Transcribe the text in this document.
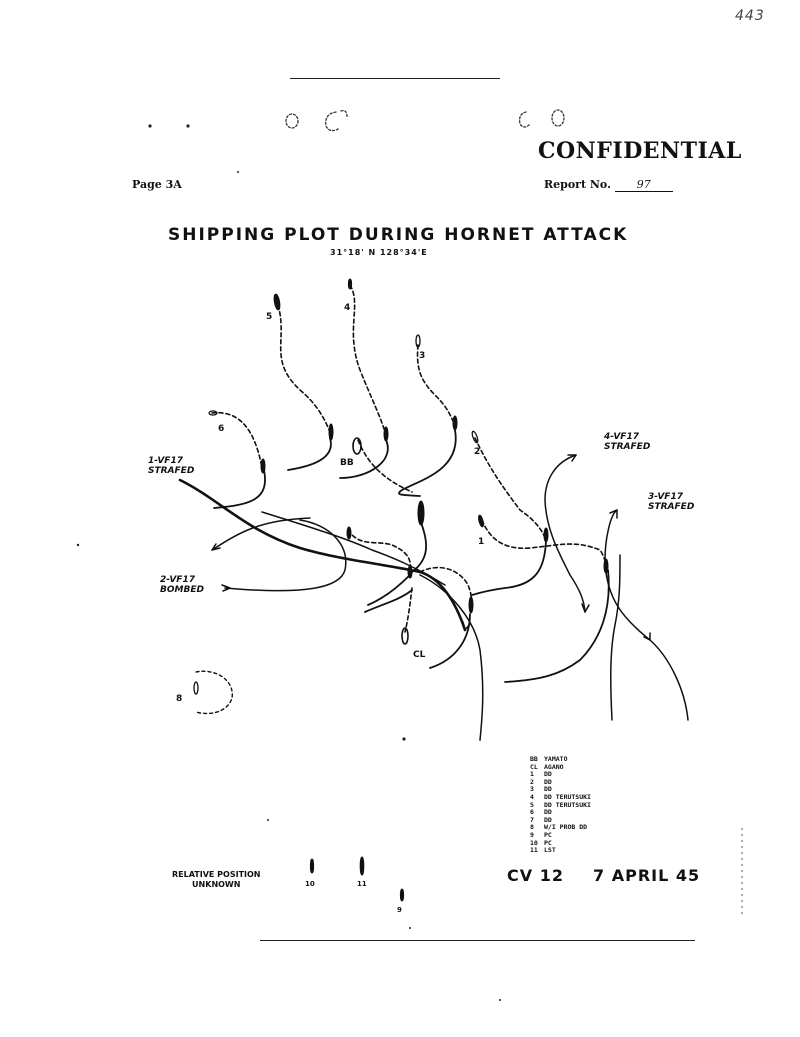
443
CONFIDENTIAL
Page 3A	Report No. 97
SHIPPING PLOT DURING HORNET ATTACK
31°18' N 128°34'E
BB
CL
1
2
3
4
5
6
8
9
10	11
1-VF17
STRAFED
2-VF17
BOMBED
3-VF17
STRAFED
4-VF17
STRAFED
BB YAMATO
CL AGANO
1 DD
2 DD
3 DD
4 DD TERUTSUKI
5 DD TERUTSUKI
6 DD
7 DD
8 W/I PROB DD
9 PC
10 PC
11 LST
RELATIVE POSITION
UNKNOWN	CV 12 7 APRIL 45
